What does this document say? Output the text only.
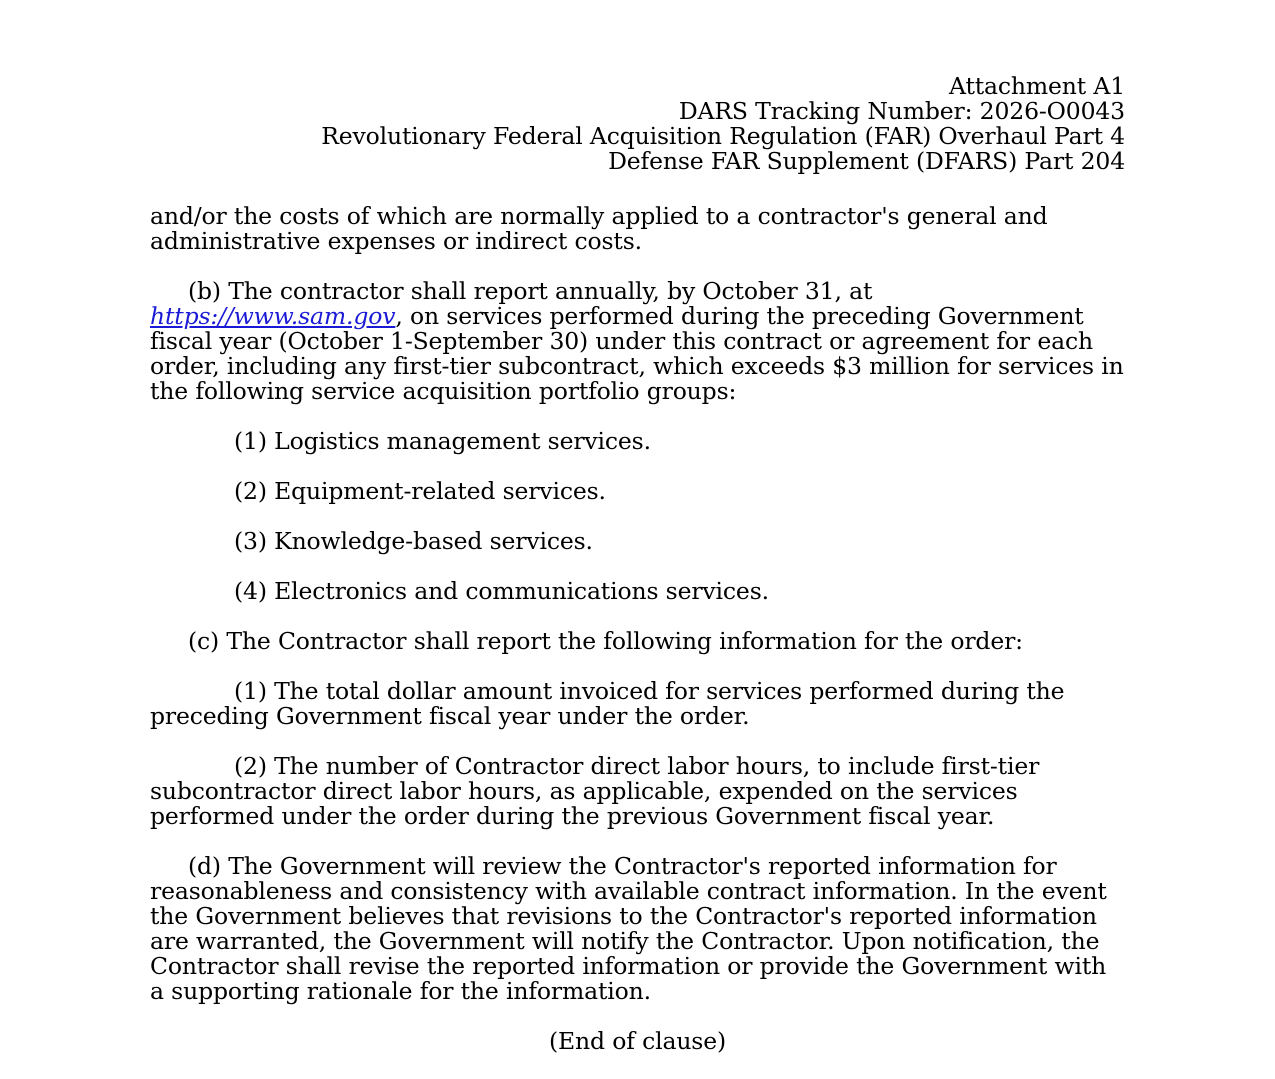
Attachment A1
DARS Tracking Number: 2026-O0043
Revolutionary Federal Acquisition Regulation (FAR) Overhaul Part 4
Defense FAR Supplement (DFARS) Part 204

and/or the costs of which are normally applied to a contractor's general and administrative expenses or indirect costs.

(b) The contractor shall report annually, by October 31, at https://www.sam.gov, on services performed during the preceding Government fiscal year (October 1-September 30) under this contract or agreement for each order, including any first-tier subcontract, which exceeds $3 million for services in the following service acquisition portfolio groups:

(1) Logistics management services.

(2) Equipment-related services.

(3) Knowledge-based services.

(4) Electronics and communications services.

(c) The Contractor shall report the following information for the order:

(1) The total dollar amount invoiced for services performed during the preceding Government fiscal year under the order.

(2) The number of Contractor direct labor hours, to include first-tier subcontractor direct labor hours, as applicable, expended on the services performed under the order during the previous Government fiscal year.

(d) The Government will review the Contractor's reported information for reasonableness and consistency with available contract information. In the event the Government believes that revisions to the Contractor's reported information are warranted, the Government will notify the Contractor. Upon notification, the Contractor shall revise the reported information or provide the Government with a supporting rationale for the information.

(End of clause)
